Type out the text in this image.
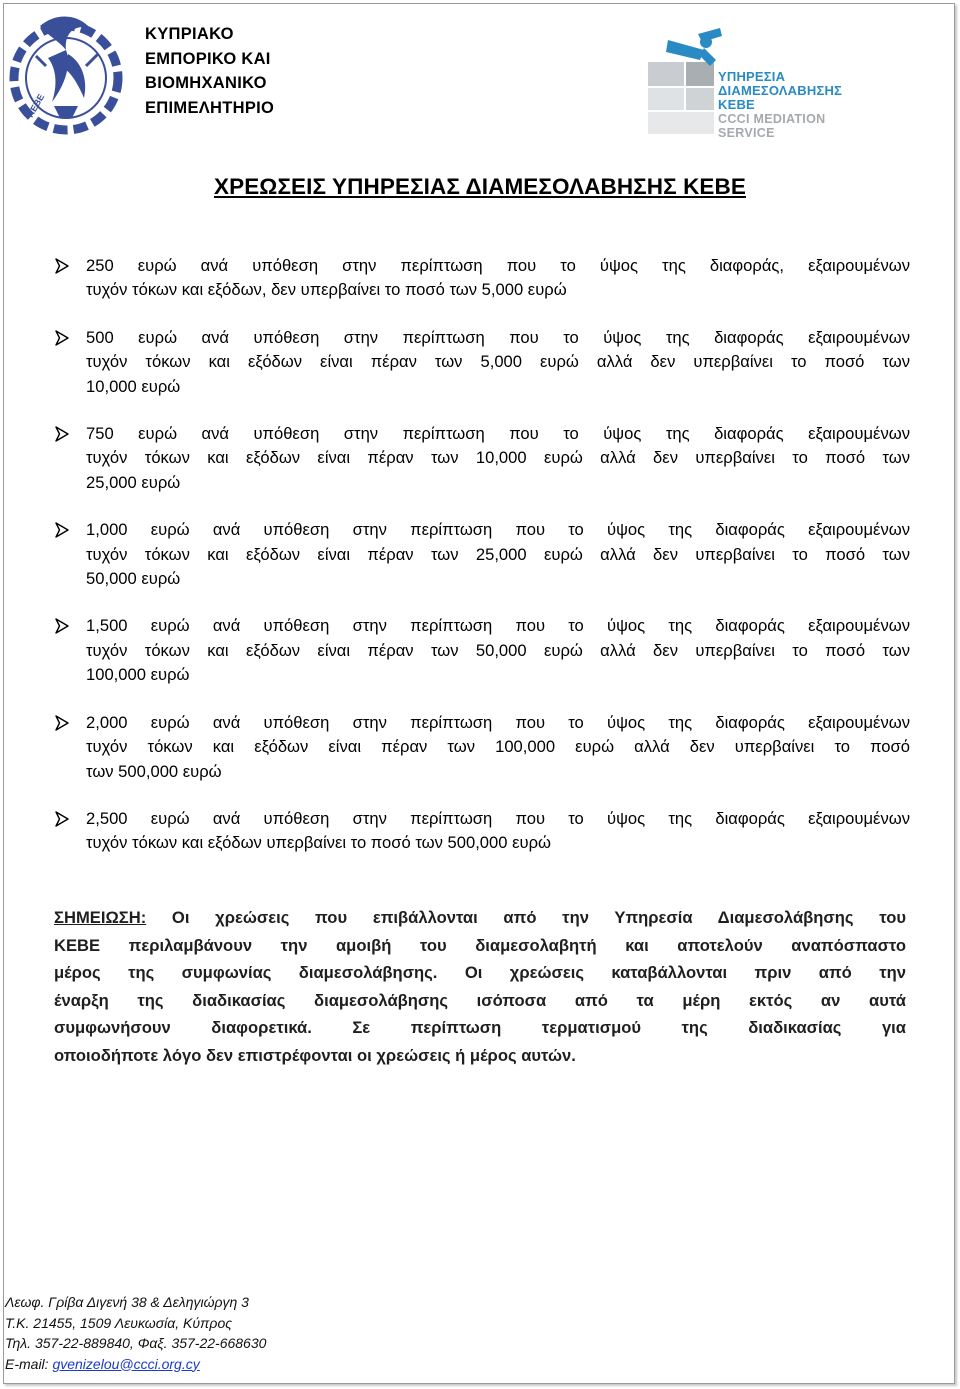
ΚΕΒΕ
ΚΥΠΡΙΑΚΟ
ΕΜΠΟΡΙΚΟ ΚΑΙ
ΒΙΟΜΗΧΑΝΙΚΟ
ΕΠΙΜΕΛΗΤΗΡΙΟ
ΥΠΗΡΕΣΙΑ
ΔΙΑΜΕΣΟΛΑΒΗΣΗΣ
ΚΕΒΕ
CCCI MEDIATION
SERVICE
ΧΡΕΩΣΕΙΣ ΥΠΗΡΕΣΙΑΣ ΔΙΑΜΕΣΟΛΑΒΗΣΗΣ ΚΕΒΕ
250 ευρώ ανά υπόθεση στην περίπτωση που το ύψος της διαφοράς, εξαιρουμένων
τυχόν τόκων και εξόδων, δεν υπερβαίνει το ποσό των 5,000 ευρώ
500 ευρώ ανά υπόθεση στην περίπτωση που το ύψος της διαφοράς εξαιρουμένων
τυχόν τόκων και εξόδων είναι πέραν των 5,000 ευρώ αλλά δεν υπερβαίνει το ποσό των
10,000 ευρώ
750 ευρώ ανά υπόθεση στην περίπτωση που το ύψος της διαφοράς εξαιρουμένων
τυχόν τόκων και εξόδων είναι πέραν των 10,000 ευρώ αλλά δεν υπερβαίνει το ποσό των
25,000 ευρώ
1,000 ευρώ ανά υπόθεση στην περίπτωση που το ύψος της διαφοράς εξαιρουμένων
τυχόν τόκων και εξόδων είναι πέραν των 25,000 ευρώ αλλά δεν υπερβαίνει το ποσό των
50,000 ευρώ
1,500 ευρώ ανά υπόθεση στην περίπτωση που το ύψος της διαφοράς εξαιρουμένων
τυχόν τόκων και εξόδων είναι πέραν των 50,000 ευρώ αλλά δεν υπερβαίνει το ποσό των
100,000 ευρώ
2,000 ευρώ ανά υπόθεση στην περίπτωση που το ύψος της διαφοράς εξαιρουμένων
τυχόν τόκων και εξόδων είναι πέραν των 100,000 ευρώ αλλά δεν υπερβαίνει το ποσό
των 500,000 ευρώ
2,500 ευρώ ανά υπόθεση στην περίπτωση που το ύψος της διαφοράς εξαιρουμένων
τυχόν τόκων και εξόδων υπερβαίνει το ποσό των 500,000 ευρώ
ΣΗΜΕΙΩΣΗ: Οι χρεώσεις που επιβάλλονται από την Υπηρεσία Διαμεσολάβησης του
ΚΕΒΕ περιλαμβάνουν την αμοιβή του διαμεσολαβητή και αποτελούν αναπόσπαστο
μέρος της συμφωνίας διαμεσολάβησης. Οι χρεώσεις καταβάλλονται πριν από την
έναρξη της διαδικασίας διαμεσολάβησης ισόποσα από τα μέρη εκτός αν αυτά
συμφωνήσουν διαφορετικά. Σε περίπτωση τερματισμού της διαδικασίας για
οποιοδήποτε λόγο δεν επιστρέφονται οι χρεώσεις ή μέρος αυτών.
Λεωφ. Γρίβα Διγενή 38 & Δεληγιώργη 3
Τ.Κ. 21455, 1509 Λευκωσία, Κύπρος
Τηλ. 357-22-889840, Φαξ. 357-22-668630
E-mail: gvenizelou@ccci.org.cy
